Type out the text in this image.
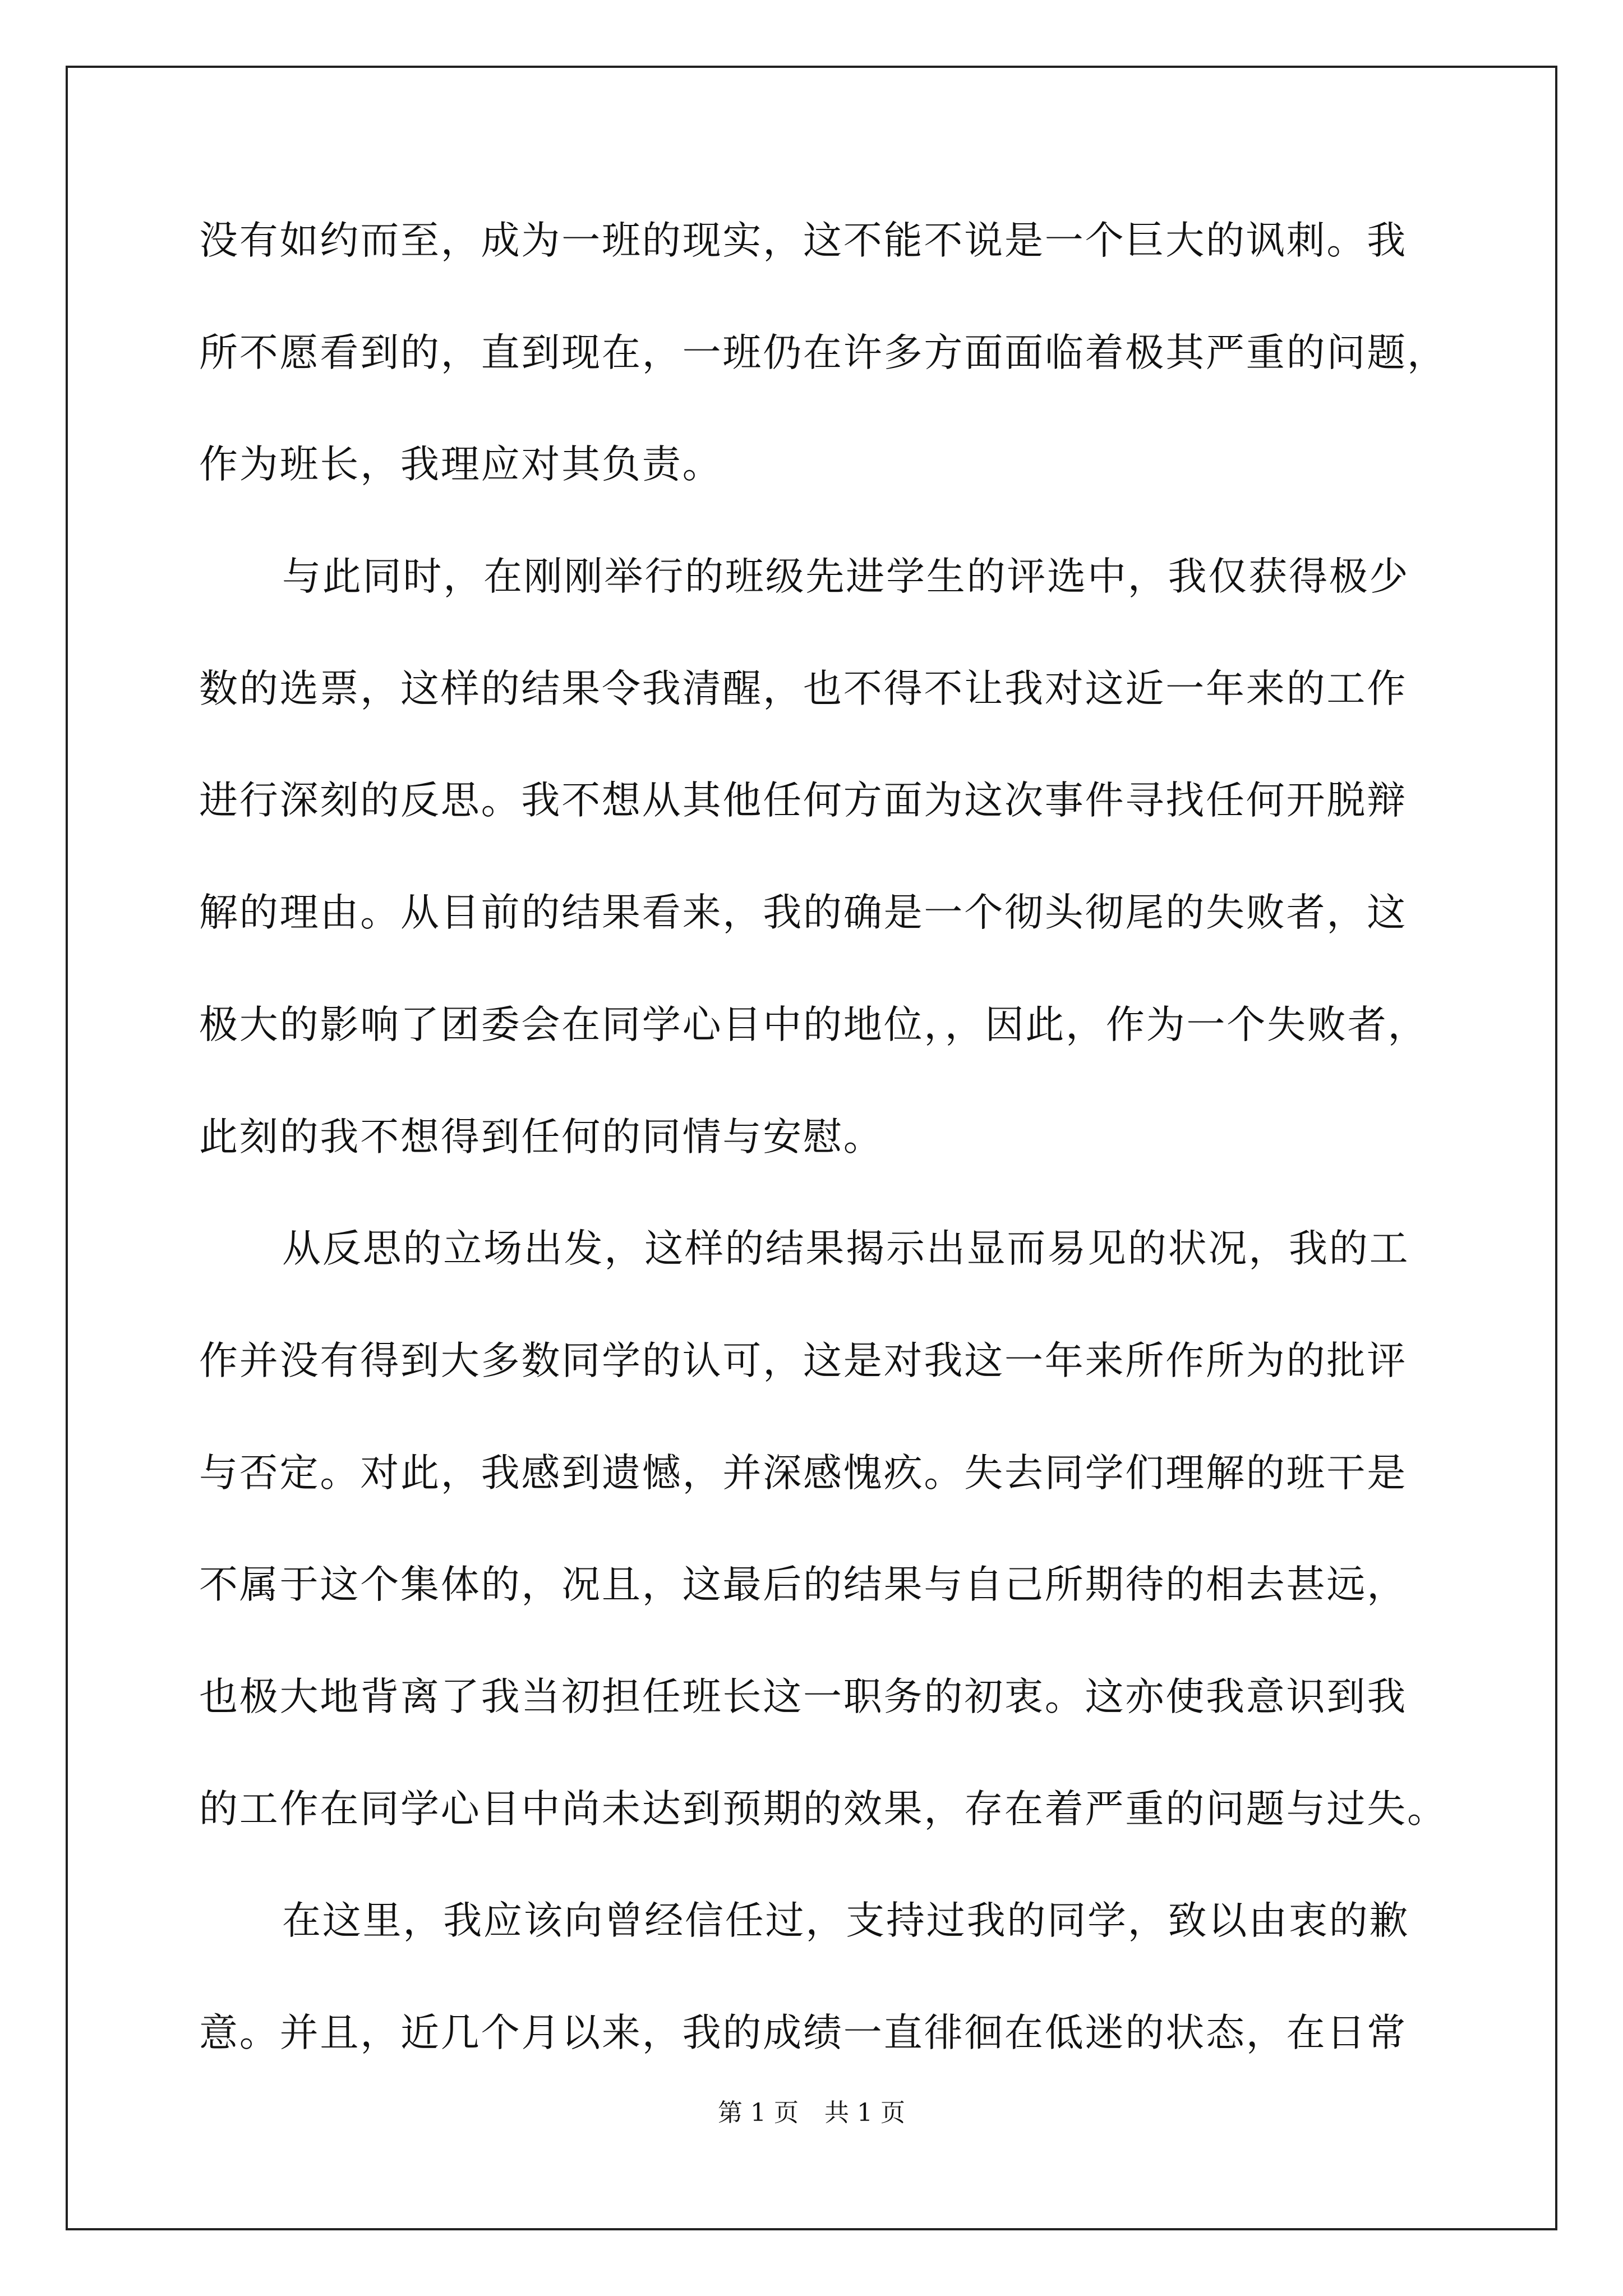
没有如约而至，成为一班的现实，这不能不说是一个巨大的讽刺。我
所不愿看到的，直到现在，一班仍在许多方面面临着极其严重的问题，
作为班长，我理应对其负责。
与此同时，在刚刚举行的班级先进学生的评选中，我仅获得极少
数的选票，这样的结果令我清醒，也不得不让我对这近一年来的工作
进行深刻的反思。我不想从其他任何方面为这次事件寻找任何开脱辩
解的理由。从目前的结果看来，我的确是一个彻头彻尾的失败者，这
极大的影响了团委会在同学心目中的地位，，因此，作为一个失败者，
此刻的我不想得到任何的同情与安慰。
从反思的立场出发，这样的结果揭示出显而易见的状况，我的工
作并没有得到大多数同学的认可，这是对我这一年来所作所为的批评
与否定。对此，我感到遗憾，并深感愧疚。失去同学们理解的班干是
不属于这个集体的，况且，这最后的结果与自己所期待的相去甚远，
也极大地背离了我当初担任班长这一职务的初衷。这亦使我意识到我
的工作在同学心目中尚未达到预期的效果，存在着严重的问题与过失。
在这里，我应该向曾经信任过，支持过我的同学，致以由衷的歉
意。并且，近几个月以来，我的成绩一直徘徊在低迷的状态，在日常
第 1 页 共 1 页
